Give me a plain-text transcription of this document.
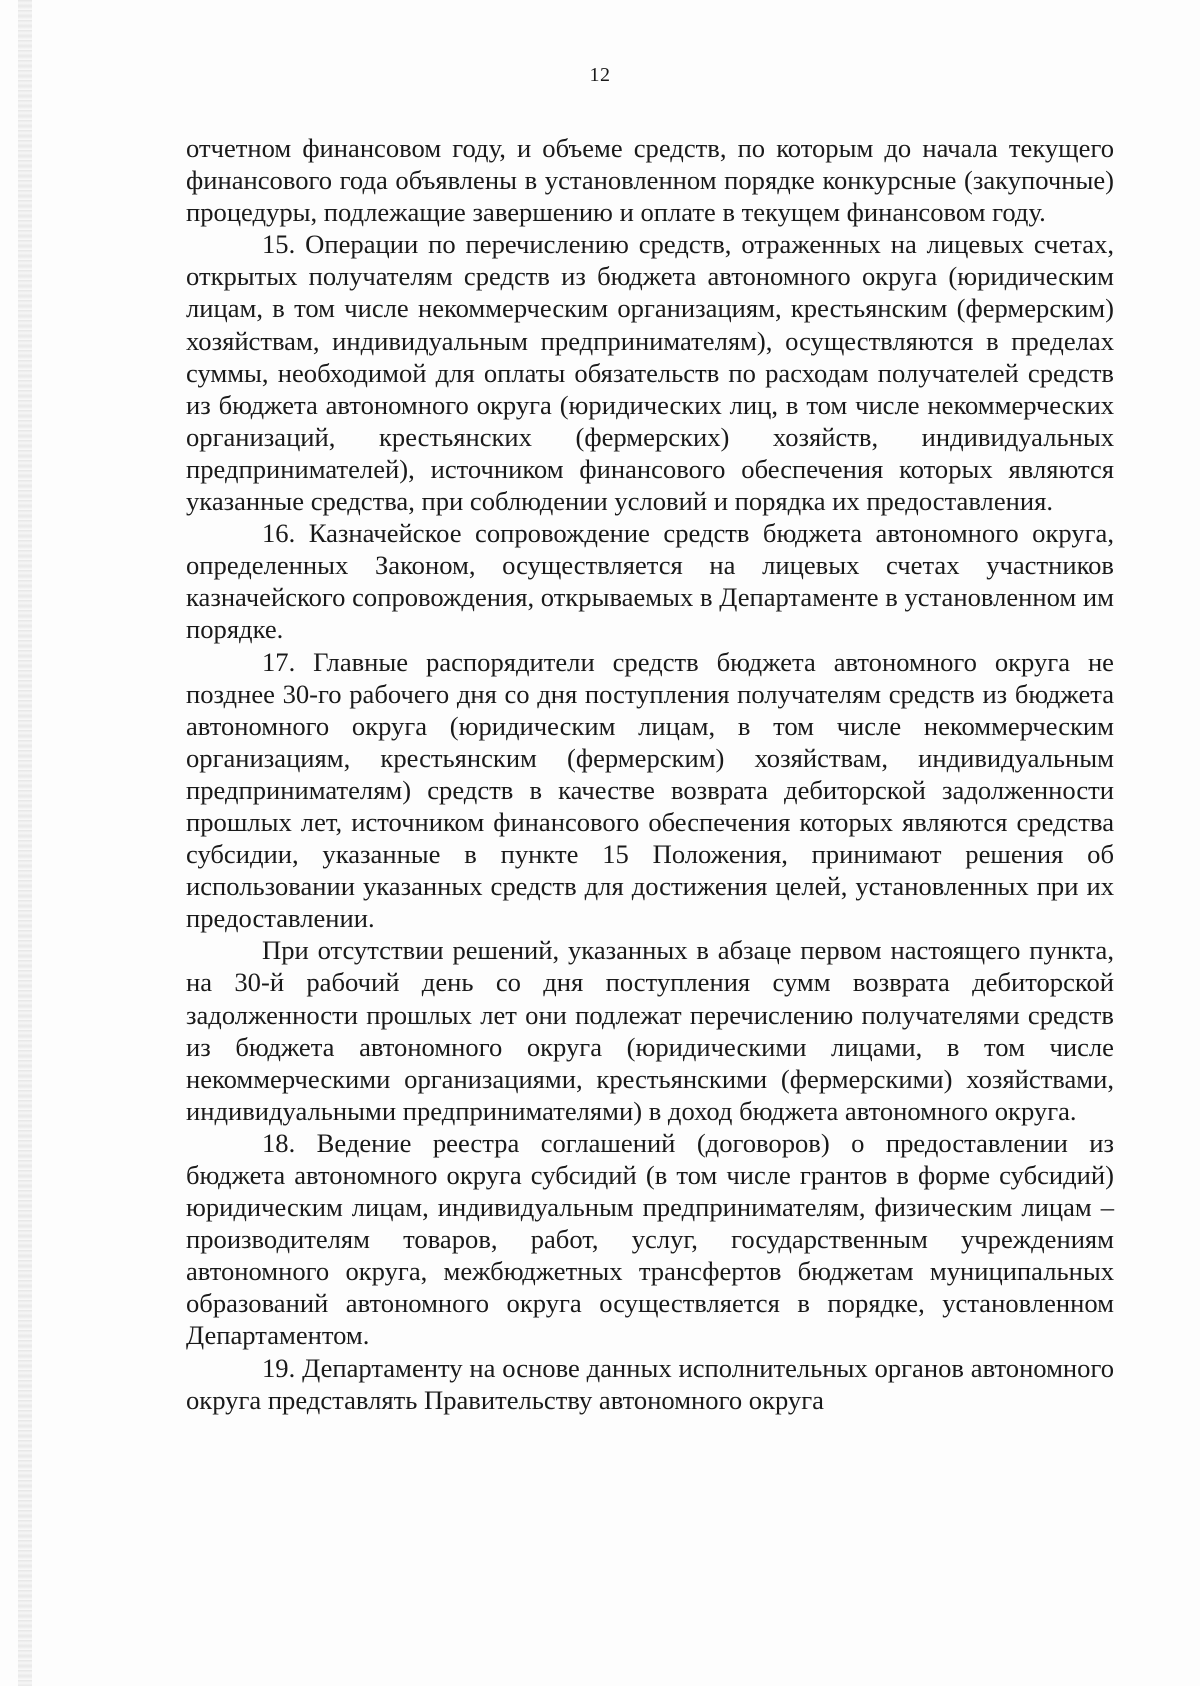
12

отчетном финансовом году, и объеме средств, по которым до начала текущего финансового года объявлены в установленном порядке конкурсные (закупочные) процедуры, подлежащие завершению и оплате в текущем финансовом году.

15. Операции по перечислению средств, отраженных на лицевых счетах, открытых получателям средств из бюджета автономного округа (юридическим лицам, в том числе некоммерческим организациям, крестьянским (фермерским) хозяйствам, индивидуальным предпринимателям), осуществляются в пределах суммы, необходимой для оплаты обязательств по расходам получателей средств из бюджета автономного округа (юридических лиц, в том числе некоммерческих организаций, крестьянских (фермерских) хозяйств, индивидуальных предпринимателей), источником финансового обеспечения которых являются указанные средства, при соблюдении условий и порядка их предоставления.

16. Казначейское сопровождение средств бюджета автономного округа, определенных Законом, осуществляется на лицевых счетах участников казначейского сопровождения, открываемых в Департаменте в установленном им порядке.

17. Главные распорядители средств бюджета автономного округа не позднее 30-го рабочего дня со дня поступления получателям средств из бюджета автономного округа (юридическим лицам, в том числе некоммерческим организациям, крестьянским (фермерским) хозяйствам, индивидуальным предпринимателям) средств в качестве возврата дебиторской задолженности прошлых лет, источником финансового обеспечения которых являются средства субсидии, указанные в пункте 15 Положения, принимают решения об использовании указанных средств для достижения целей, установленных при их предоставлении.

При отсутствии решений, указанных в абзаце первом настоящего пункта, на 30-й рабочий день со дня поступления сумм возврата дебиторской задолженности прошлых лет они подлежат перечислению получателями средств из бюджета автономного округа (юридическими лицами, в том числе некоммерческими организациями, крестьянскими (фермерскими) хозяйствами, индивидуальными предпринимателями) в доход бюджета автономного округа.

18. Ведение реестра соглашений (договоров) о предоставлении из бюджета автономного округа субсидий (в том числе грантов в форме субсидий) юридическим лицам, индивидуальным предпринимателям, физическим лицам – производителям товаров, работ, услуг, государственным учреждениям автономного округа, межбюджетных трансфертов бюджетам муниципальных образований автономного округа осуществляется в порядке, установленном Департаментом.

19. Департаменту на основе данных исполнительных органов автономного округа представлять Правительству автономного округа
